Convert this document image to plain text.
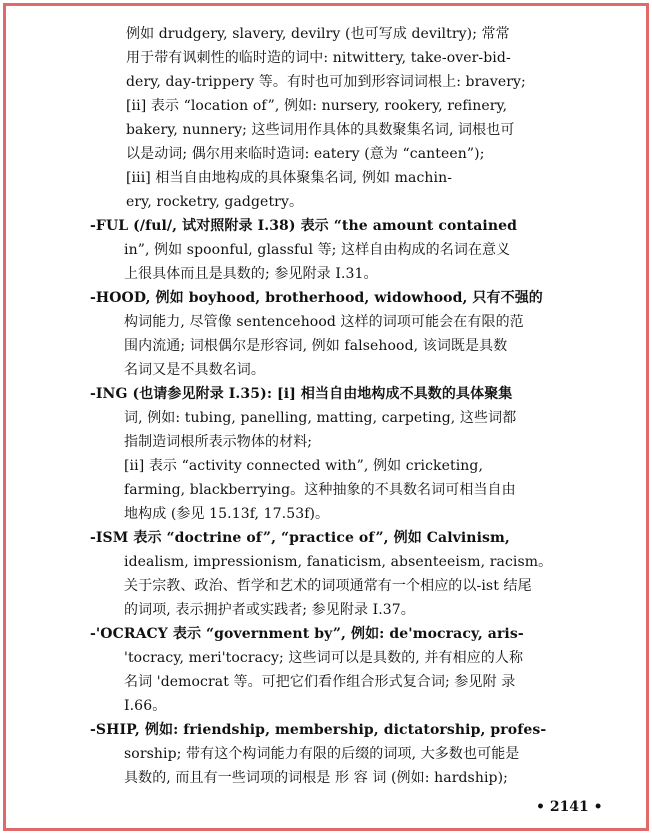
例如 drudgery, slavery, devilry (也可写成 deviltry); 常常
用于带有讽刺性的临时造的词中: nitwittery, take-over-bid-
dery, day-trippery 等。有时也可加到形容词词根上: bravery;
[ii] 表示 “location of”, 例如: nursery, rookery, refinery,
bakery, nunnery; 这些词用作具体的具数聚集名词, 词根也可
以是动词; 偶尔用来临时造词: eatery (意为 “canteen”);
[iii] 相当自由地构成的具体聚集名词, 例如 machin-
ery, rocketry, gadgetry。
-FUL (/ful/, 试对照附录 Ⅰ.38) 表示 “the amount contained
in”, 例如 spoonful, glassful 等; 这样自由构成的名词在意义
上很具体而且是具数的; 参见附录 Ⅰ.31。
-HOOD, 例如 boyhood, brotherhood, widowhood, 只有不强的
构词能力, 尽管像 sentencehood 这样的词项可能会在有限的范
围内流通; 词根偶尔是形容词, 例如 falsehood, 该词既是具数
名词又是不具数名词。
-ING (也请参见附录 Ⅰ.35): [i] 相当自由地构成不具数的具体聚集
词, 例如: tubing, panelling, matting, carpeting, 这些词都
指制造词根所表示物体的材料;
[ii] 表示 “activity connected with”, 例如 cricketing,
farming, blackberrying。这种抽象的不具数名词可相当自由
地构成 (参见 15.13f, 17.53f)。
-ISM 表示 “doctrine of”, “practice of”, 例如 Calvinism,
idealism, impressionism, fanaticism, absenteeism, racism。
关于宗教、政治、哲学和艺术的词项通常有一个相应的以-ist 结尾
的词项, 表示拥护者或实践者; 参见附录 Ⅰ.37。
-'OCRACY 表示 “government by”, 例如: de'mocracy, aris-
'tocracy, meri'tocracy; 这些词可以是具数的, 并有相应的人称
名词 'democrat 等。可把它们看作组合形式复合词; 参见附 录
Ⅰ.66。
-SHIP, 例如: friendship, membership, dictatorship, profes-
sorship; 带有这个构词能力有限的后缀的词项, 大多数也可能是
具数的, 而且有一些词项的词根是 形 容 词 (例如: hardship);
• 2141 •
